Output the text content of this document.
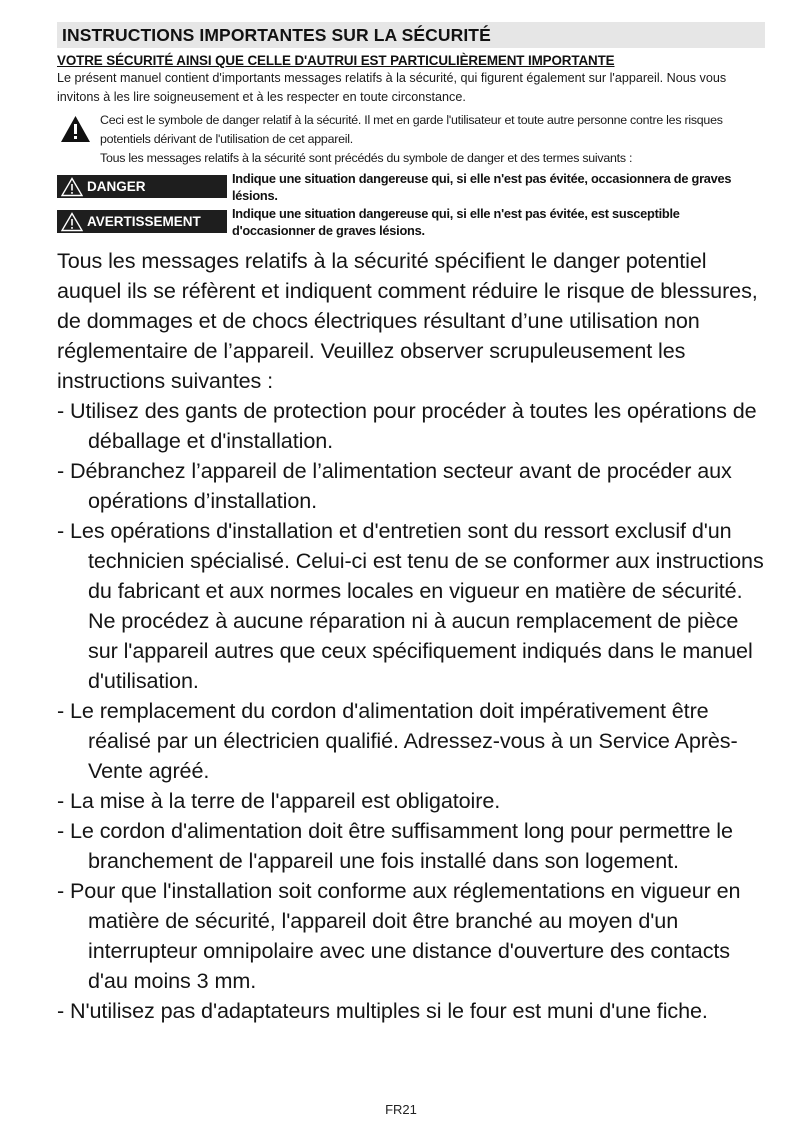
INSTRUCTIONS IMPORTANTES SUR LA SÉCURITÉ
VOTRE SÉCURITÉ AINSI QUE CELLE D'AUTRUI EST PARTICULIÈREMENT IMPORTANTE
Le présent manuel contient d'importants messages relatifs à la sécurité, qui figurent également sur l'appareil. Nous vous invitons à les lire soigneusement et à les respecter en toute circonstance.

Ceci est le symbole de danger relatif à la sécurité. Il met en garde l'utilisateur et toute autre personne contre les risques potentiels dérivant de l'utilisation de cet appareil.

Tous les messages relatifs à la sécurité sont précédés du symbole de danger et des termes suivants :

DANGER
Indique une situation dangereuse qui, si elle n'est pas évitée, occasionnera de graves lésions.
AVERTISSEMENT
Indique une situation dangereuse qui, si elle n'est pas évitée, est susceptible d'occasionner de graves lésions.

Tous les messages relatifs à la sécurité spécifient le danger potentiel auquel ils se réfèrent et indiquent comment réduire le risque de blessures, de dommages et de chocs électriques résultant d’une utilisation non réglementaire de l’appareil. Veuillez observer scrupuleusement les instructions suivantes :

- Utilisez des gants de protection pour procéder à toutes les opérations de déballage et d'installation.
- Débranchez l’appareil de l’alimentation secteur avant de procéder aux opérations d’installation.
- Les opérations d'installation et d'entretien sont du ressort exclusif d'un technicien spécialisé. Celui-ci est tenu de se conformer aux instructions du fabricant et aux normes locales en vigueur en matière de sécurité. Ne procédez à aucune réparation ni à aucun remplacement de pièce sur l'appareil autres que ceux spécifiquement indiqués dans le manuel d'utilisation.
- Le remplacement du cordon d'alimentation doit impérativement être réalisé par un électricien qualifié. Adressez-vous à un Service Après-Vente agréé.
- La mise à la terre de l'appareil est obligatoire.
- Le cordon d'alimentation doit être suffisamment long pour permettre le branchement de l'appareil une fois installé dans son logement.
- Pour que l'installation soit conforme aux réglementations en vigueur en matière de sécurité, l'appareil doit être branché au moyen d'un interrupteur omnipolaire avec une distance d'ouverture des contacts d'au moins 3 mm.
- N'utilisez pas d'adaptateurs multiples si le four est muni d'une fiche.
FR21
